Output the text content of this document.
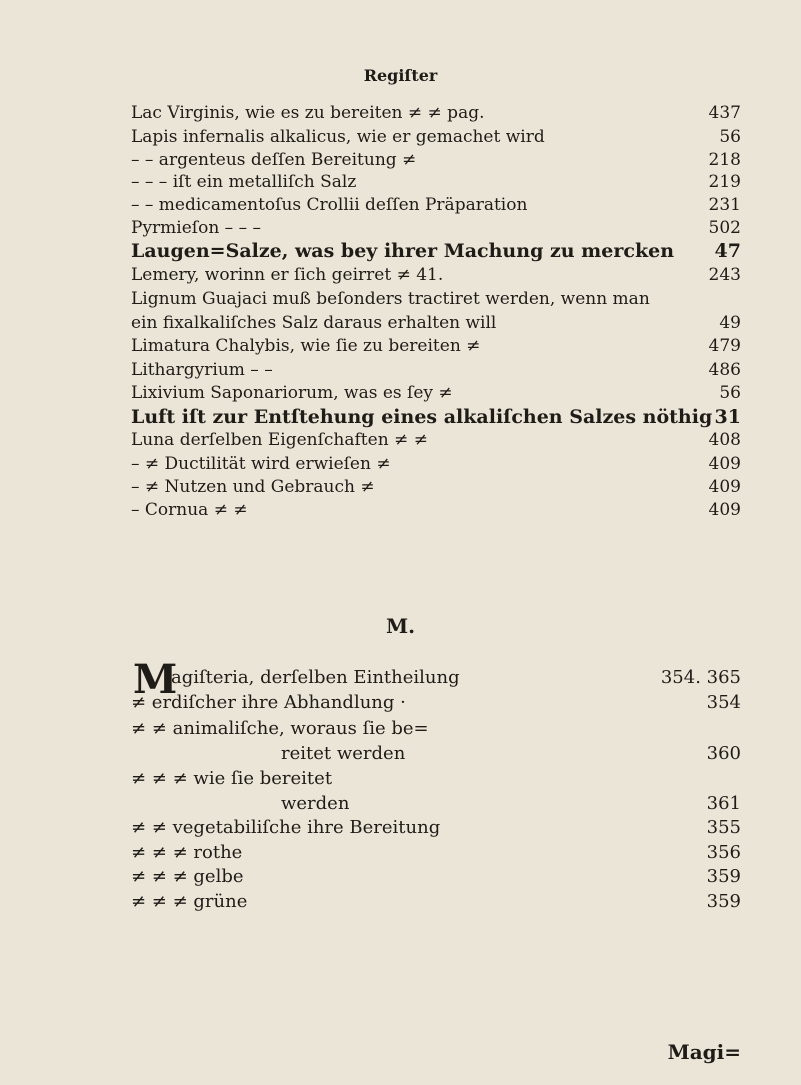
Regiſter
Lac Virginis, wie es zu bereiten ≠ ≠ pag.	437
Lapis infernalis alkalicus, wie er gemachet wird	56
– – argenteus deſſen Bereitung ≠	218
– – – iſt ein metalliſch Salz	219
– – medicamentoſus Crollii deſſen Präparation	231
Pyrmieſon – – –	502
Laugen=Salze, was bey ihrer Machung zu mercken 47
Lemery, worinn er ſich geirret ≠ 41.	243
Lignum Guajaci muß beſonders tractiret werden, wenn man
ein fixalkaliſches Salz daraus erhalten will	49
Limatura Chalybis, wie ſie zu bereiten ≠	479
Lithargyrium – –	486
Lixivium Saponariorum, was es ſey ≠	56
Luft iſt zur Entſtehung eines alkaliſchen Salzes nöthig 31
Luna derſelben Eigenſchaften ≠ ≠	408
– ≠ Ductilität wird erwieſen ≠	409
– ≠ Nutzen und Gebrauch ≠	409
– Cornua ≠ ≠	409
M.
M
agiſteria, derſelben Eintheilung	354. 365
≠ erdiſcher ihre Abhandlung ·	354
≠ ≠ animaliſche, woraus ſie be=
reitet werden	360
≠ ≠ ≠ wie ſie bereitet
werden	361
≠ ≠ vegetabiliſche ihre Bereitung	355
≠ ≠ ≠ rothe	356
≠ ≠ ≠ gelbe	359
≠ ≠ ≠ grüne	359
Magi=
